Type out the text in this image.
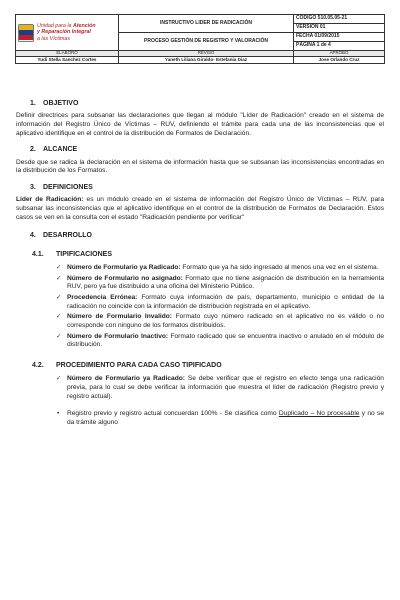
Unidad para la Atención
y Reparación Integral
a las Víctimas	INSTRUCTIVO LIDER DE RADICACIÓN	CÓDIGO 510.05.05-21
		VERSIÓN 01
	PROCESO GESTIÓN DE REGISTRO Y VALORACIÓN	FECHA 01/09/2015
		PÁGINA 1 de 4
ELABORÓ	REVISÓ	APROBÓ
Yudi Stella Sanchez Cortes	Yaneth Liliana Giraldo- Estefania Diaz	Jose Orlando Cruz
1. OBJETIVO

Definir directrices para subsanar las declaraciones que llegan al módulo "Líder de Radicación" creado en el sistema de información del Registro Único de Víctimas – RUV, definiendo el trámite para cada una de las inconsistencias que el aplicativo identifique en el control de la distribución de Formatos de Declaración.

2. ALCANCE

Desde que se radica la declaración en el sistema de información hasta que se subsanan las inconsistencias encontradas en la distribución de los Formatos.

3. DEFINICIONES

Líder de Radicación: es un módulo creado en el sistema de información del Registro Único de Víctimas – RUV, para subsanar las inconsistencias que el aplicativo identifique en el control de la distribución de Formatos de Declaración. Estos casos se ven en la consulta con el estado "Radicación pendiente por verificar"

4. DESARROLLO
4.1. TIPIFICACIONES
✓ Número de Formulario ya Radicado: Formato que ya ha sido ingresado al menos una vez en el sistema.
✓ Número de Formulario no asignado: Formato que no tiene asignación de distribución en la herramienta RUV, pero ya fue distribuido a una oficina del Ministerio Público.
✓ Procedencia Errónea: Formato cuya información de país, departamento, municipio o entidad de la radicación no coincide con la información de distribución registrada en el aplicativo.
✓ Número de Formulario Invalido: Formato cuyo número radicado en el aplicativo no es válido o no corresponde con ninguno de los formatos distribuidos.
✓ Número de Formulario Inactivo: Formato radicado que se encuentra inactivo o anulado en el módulo de distribución.
4.2. PROCEDIMIENTO PARA CADA CASO TIPIFICADO
✓ Número de Formulario ya Radicado: Se debe verificar que el registro en efecto tenga una radicación previa, para lo cual se debe verificar la información que muestra el líder de radicación (Registro previo y registro actual).
• Registro previo y registro actual concuerdan 100% - Se clasifica como Duplicado – No procesable y no se da trámite alguno
